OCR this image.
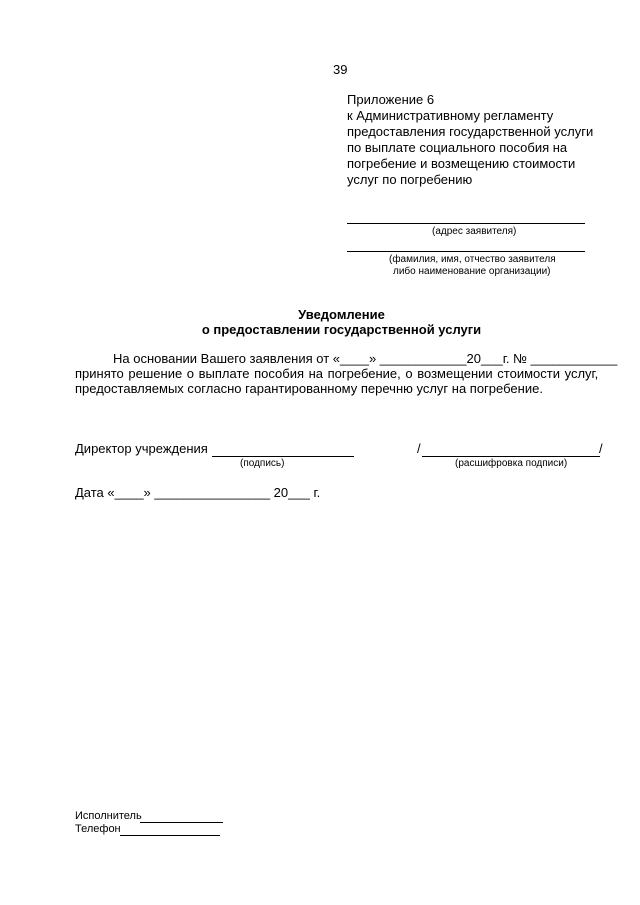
39
Приложение 6
к Административному регламенту
предоставления государственной услуги
по выплате социального пособия на
погребение и возмещению стоимости
услуг по погребению
(адрес заявителя)
(фамилия, имя, отчество заявителя
либо наименование организации)
Уведомление
о предоставлении государственной услуги
На основании Вашего заявления от «____» ____________20___г. № ____________
принято решение о выплате пособия на погребение, о возмещении стоимости услуг,
предоставляемых согласно гарантированному перечню услуг на погребение.
Директор учреждения
(подпись)
/	/
(расшифровка подписи)
Дата «____» ________________ 20___ г.
Исполнитель
Телефон
